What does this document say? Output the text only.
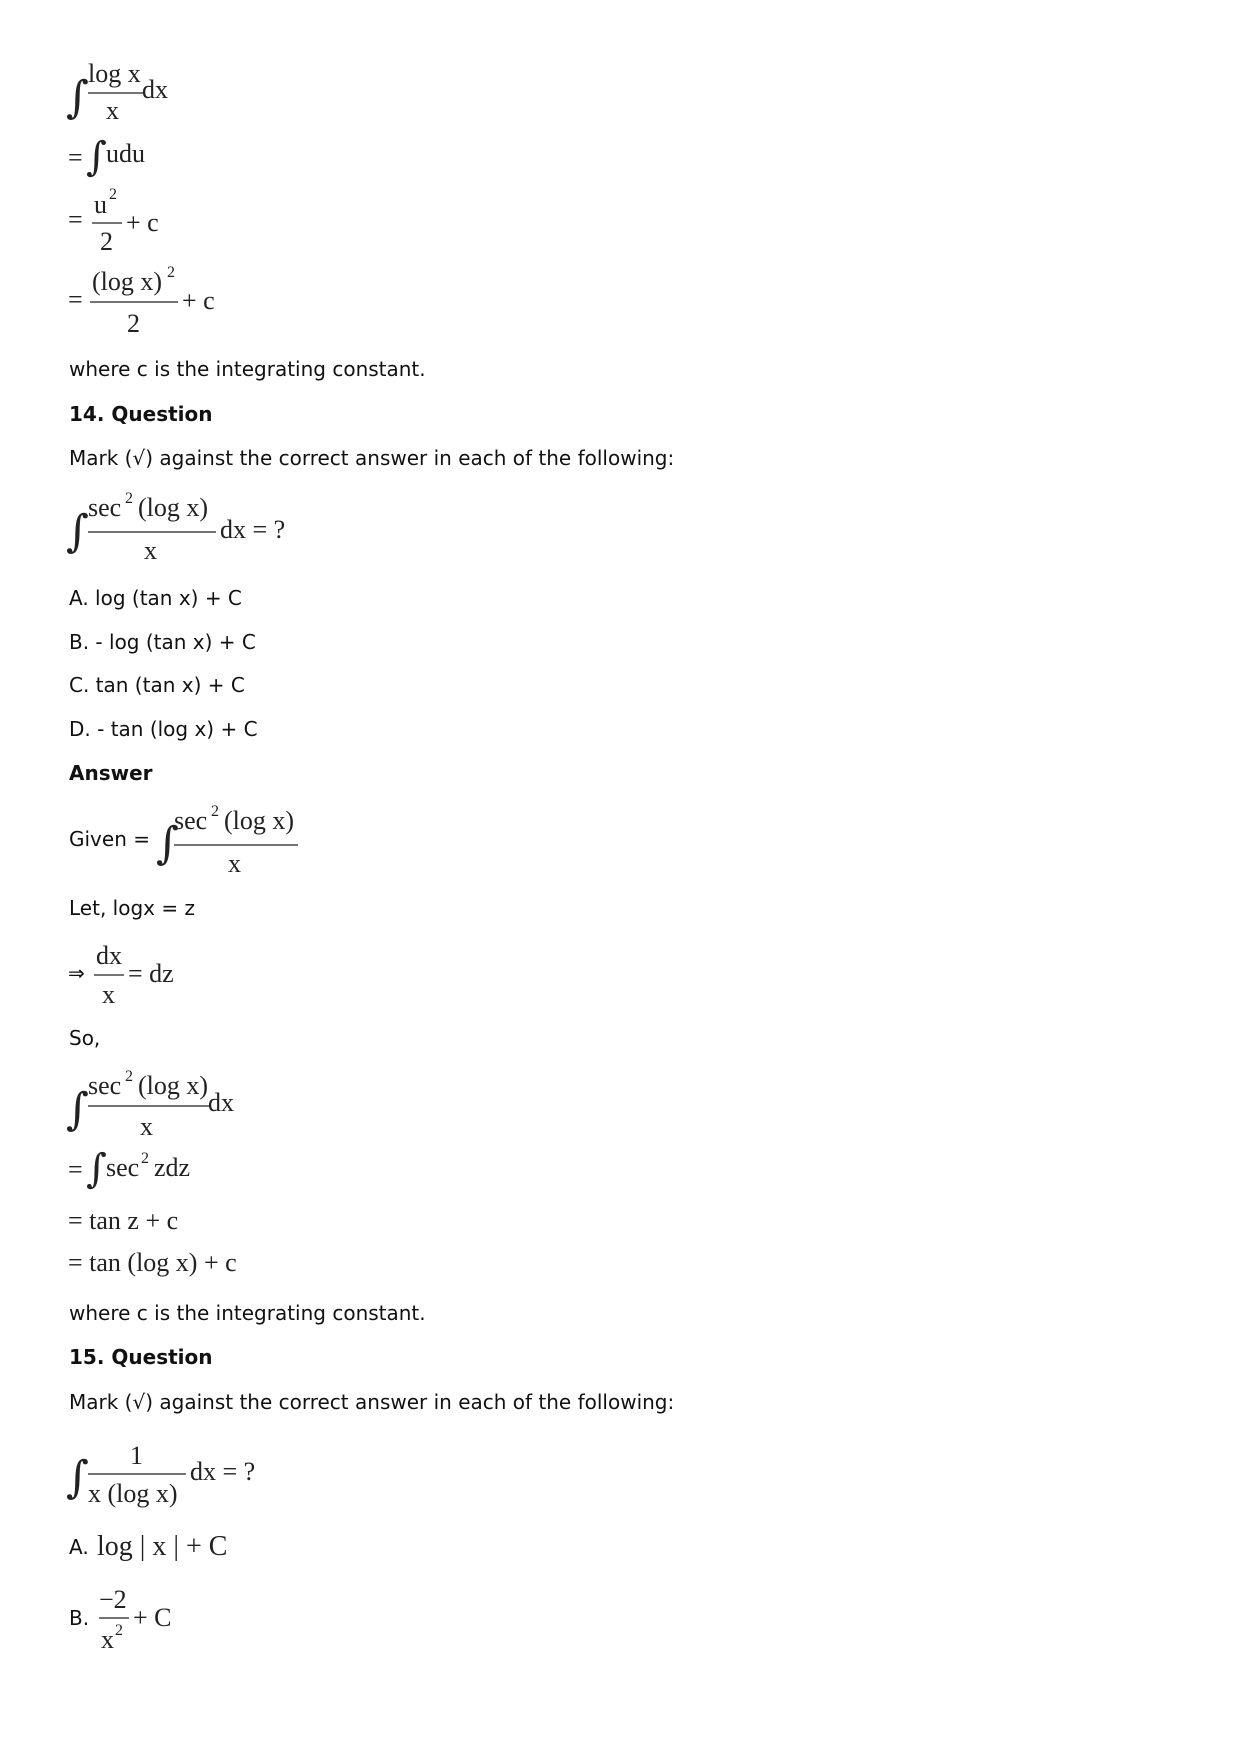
∫ log x
x
dx
= ∫ udu
=
u 2
2
+ c
=
(log x) 2
2
+ c
where c is the integrating constant.
14. Question
Mark (√) against the correct answer in each of the following:
∫ sec 2 (log x)
x
dx = ?
A. log (tan x) + C
B. - log (tan x) + C
C. tan (tan x) + C
D. - tan (log x) + C
Answer
Given = ∫
sec 2 (log x)
x
Let, logx = z
⇒
dx
x
= dz
So,
∫ sec 2 (log x)
x
dx
= ∫ sec 2 zdz
= tan z + c
= tan (log x) + c
where c is the integrating constant.
15. Question
Mark (√) against the correct answer in each of the following:
∫ 1
x (log x)
dx = ?
A. log | x | + C
B.
−2
x 2 + C
